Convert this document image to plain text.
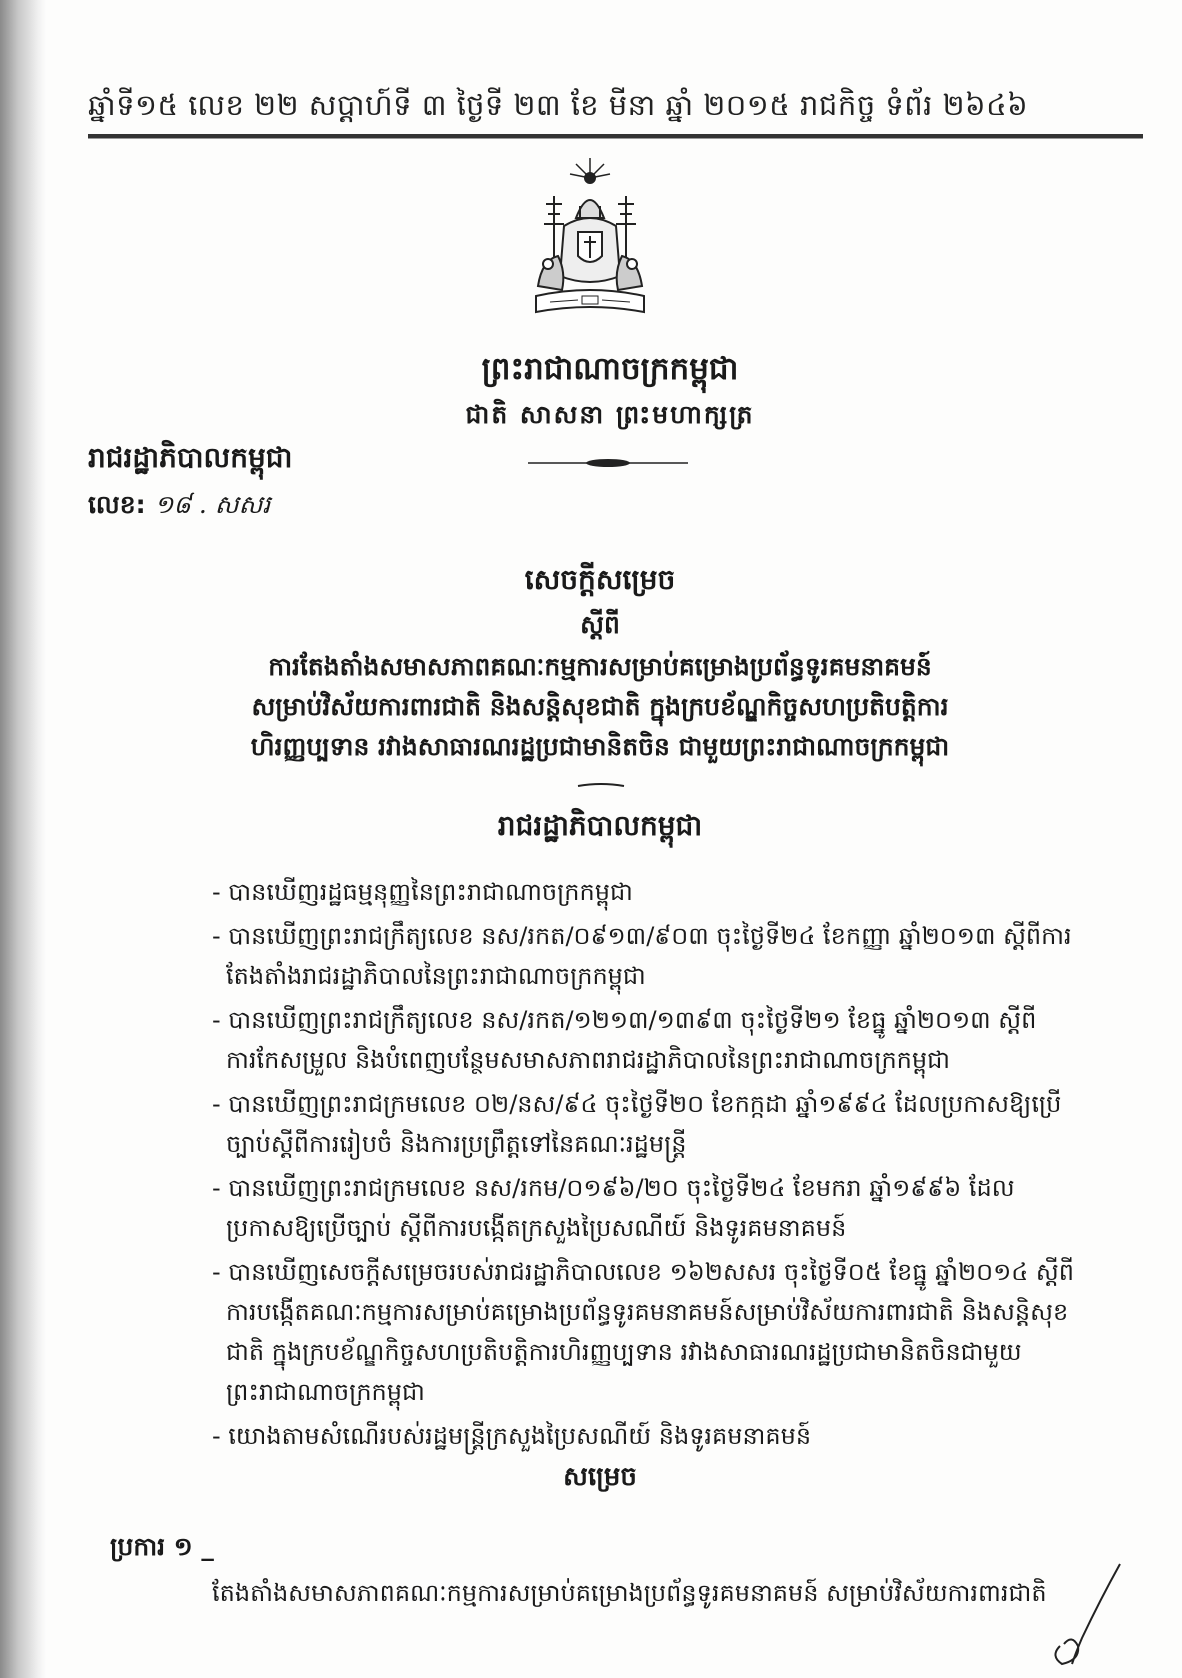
ឆ្នាំទី១៥ លេខ ២២ សប្តាហ៍ទី ៣ ថ្ងៃទី ២៣ ខែ មីនា ឆ្នាំ ២០១៥ រាជកិច្ច ទំព័រ ២៦៤៦
ព្រះរាជាណាចក្រកម្ពុជា
ជាតិ សាសនា ព្រះមហាក្សត្រ
រាជរដ្ឋាភិបាលកម្ពុជា
លេខ: ១៨ . សសរ
សេចក្ដីសម្រេច
ស្ដីពី
ការតែងតាំងសមាសភាពគណៈកម្មការសម្រាប់គម្រោងប្រព័ន្ធទូរគមនាគមន៍
សម្រាប់វិស័យការពារជាតិ និងសន្តិសុខជាតិ ក្នុងក្របខ័ណ្ឌកិច្ចសហប្រតិបត្តិការ
ហិរញ្ញប្បទាន រវាងសាធារណរដ្ឋប្រជាមានិតចិន ជាមួយព្រះរាជាណាចក្រកម្ពុជា
រាជរដ្ឋាភិបាលកម្ពុជា
- បានឃើញរដ្ឋធម្មនុញ្ញនៃព្រះរាជាណាចក្រកម្ពុជា
- បានឃើញព្រះរាជក្រឹត្យលេខ នស/រកត/០៩១៣/៩០៣ ចុះថ្ងៃទី២៤ ខែកញ្ញា ឆ្នាំ២០១៣ ស្ដីពីការតែងតាំងរាជរដ្ឋាភិបាលនៃព្រះរាជាណាចក្រកម្ពុជា
- បានឃើញព្រះរាជក្រឹត្យលេខ នស/រកត/១២១៣/១៣៩៣ ចុះថ្ងៃទី២១ ខែធ្នូ ឆ្នាំ២០១៣ ស្ដីពីការកែសម្រួល និងបំពេញបន្ថែមសមាសភាពរាជរដ្ឋាភិបាលនៃព្រះរាជាណាចក្រកម្ពុជា
- បានឃើញព្រះរាជក្រមលេខ ០២/នស/៩៤ ចុះថ្ងៃទី២០ ខែកក្កដា ឆ្នាំ១៩៩៤ ដែលប្រកាសឱ្យប្រើច្បាប់ស្ដីពីការរៀបចំ និងការប្រព្រឹត្តទៅនៃគណៈរដ្ឋមន្ត្រី
- បានឃើញព្រះរាជក្រមលេខ នស/រកម/០១៩៦/២០ ចុះថ្ងៃទី២៤ ខែមករា ឆ្នាំ១៩៩៦ ដែលប្រកាសឱ្យប្រើច្បាប់ ស្ដីពីការបង្កើតក្រសួងប្រៃសណីយ៍ និងទូរគមនាគមន៍
- បានឃើញសេចក្ដីសម្រេចរបស់រាជរដ្ឋាភិបាលលេខ ១៦២សសរ ចុះថ្ងៃទី០៥ ខែធ្នូ ឆ្នាំ២០១៤ ស្ដីពីការបង្កើតគណៈកម្មការសម្រាប់គម្រោងប្រព័ន្ធទូរគមនាគមន៍សម្រាប់វិស័យការពារជាតិ និងសន្តិសុខជាតិ ក្នុងក្របខ័ណ្ឌកិច្ចសហប្រតិបត្តិការហិរញ្ញប្បទាន រវាងសាធារណរដ្ឋប្រជាមានិតចិនជាមួយព្រះរាជាណាចក្រកម្ពុជា
- យោងតាមសំណើរបស់រដ្ឋមន្ត្រីក្រសួងប្រៃសណីយ៍ និងទូរគមនាគមន៍
សម្រេច
ប្រការ ១ _
តែងតាំងសមាសភាពគណៈកម្មការសម្រាប់គម្រោងប្រព័ន្ធទូរគមនាគមន៍ សម្រាប់វិស័យការពារជាតិ
